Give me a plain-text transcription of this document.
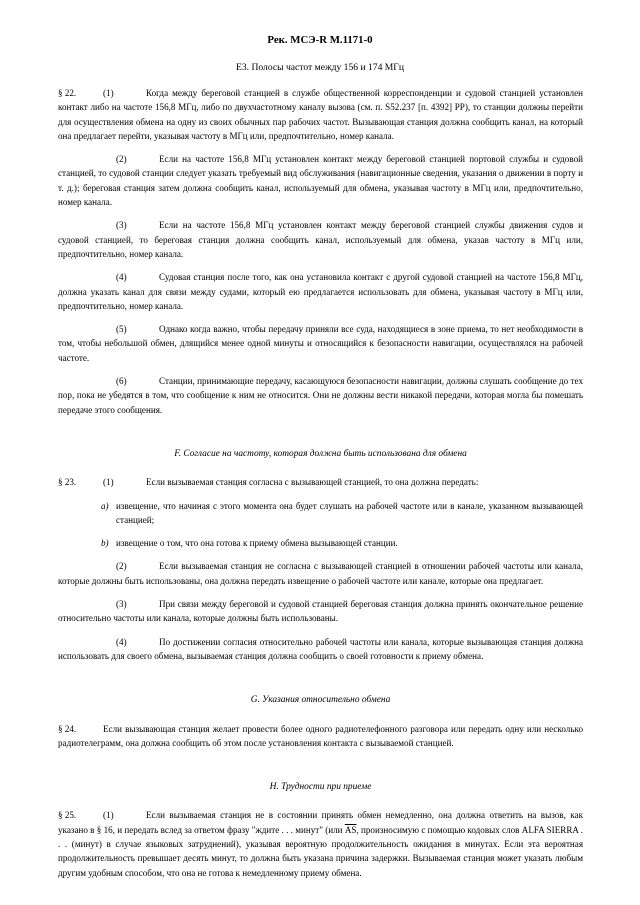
Рек. МСЭ-R M.1171-0
E3. Полосы частот между 156 и 174 МГц

§ 22.	(1)	Когда между береговой станцией в службе общественной корреспонденции и судовой станцией установлен контакт либо на частоте 156,8 МГц, либо по двухчастотному каналу вызова (см. п. S52.237 [п. 4392] РР), то станции должны перейти для осуществления обмена на одну из своих обычных пар рабочих частот. Вызывающая станция должна сообщить канал, на который она предлагает перейти, указывая частоту в МГц или, предпочтительно, номер канала.

(2)	Если на частоте 156,8 МГц установлен контакт между береговой станцией портовой службы и судовой станцией, то судовой станции следует указать требуемый вид обслуживания (навигационные сведения, указания о движении в порту и т. д.); береговая станция затем должна сообщить канал, используемый для обмена, указывая частоту в МГц или, предпочтительно, номер канала.

(3)	Если на частоте 156,8 МГц установлен контакт между береговой станцией службы движения судов и судовой станцией, то береговая станция должна сообщить канал, используемый для обмена, указав частоту в МГц или, предпочтительно, номер канала.

(4)	Судовая станция после того, как она установила контакт с другой судовой станцией на частоте 156,8 МГц, должна указать канал для связи между судами, который ею предлагается использовать для обмена, указывая частоту в МГц или, предпочтительно, номер канала.

(5)	Однако когда важно, чтобы передачу приняли все суда, находящиеся в зоне приема, то нет необходимости в том, чтобы небольшой обмен, длящийся менее одной минуты и относящийся к безопасности навигации, осуществлялся на рабочей частоте.

(6)	Станции, принимающие передачу, касающуюся безопасности навигации, должны слушать сообщение до тех пор, пока не убедятся в том, что сообщение к ним не относится. Они не должны вести никакой передачи, которая могла бы помешать передаче этого сообщения.

F. Согласие на частоту, которая должна быть использована для обмена

§ 23.	(1)	Если вызываемая станция согласна с вызывающей станцией, то она должна передать:

a) извещение, что начиная с этого момента она будет слушать на рабочей частоте или в канале, указанном вызывающей станцией;
b) извещение о том, что она готова к приему обмена вызывающей станции.

(2)	Если вызываемая станция не согласна с вызывающей станцией в отношении рабочей частоты или канала, которые должны быть использованы, она должна передать извещение о рабочей частоте или канале, которые она предлагает.

(3)	При связи между береговой и судовой станцией береговая станция должна принять окончательное решение относительно частоты или канала, которые должны быть использованы.

(4)	По достижении согласия относительно рабочей частоты или канала, которые вызывающая станция должна использовать для своего обмена, вызываемая станция должна сообщить о своей готовности к приему обмена.

G. Указания относительно обмена

§ 24.	Если вызывающая станция желает провести более одного радиотелефонного разговора или передать одну или несколько радиотелеграмм, она должна сообщить об этом после установления контакта с вызываемой станцией.

H. Трудности при приеме

§ 25.	(1)	Если вызываемая станция не в состоянии принять обмен немедленно, она должна ответить на вызов, как указано в § 16, и передать вслед за ответом фразу "ждите . . . минут" (или $\overline{AS}$, произносимую с помощью кодовых слов ALFA SIERRA . . . (минут) в случае языковых затруднений), указывая вероятную продолжительность ожидания в минутах. Если эта вероятная продолжительность превышает десять минут, то должна быть указана причина задержки. Вызываемая станция может указать любым другим удобным способом, что она не готова к немедленному приему обмена.
